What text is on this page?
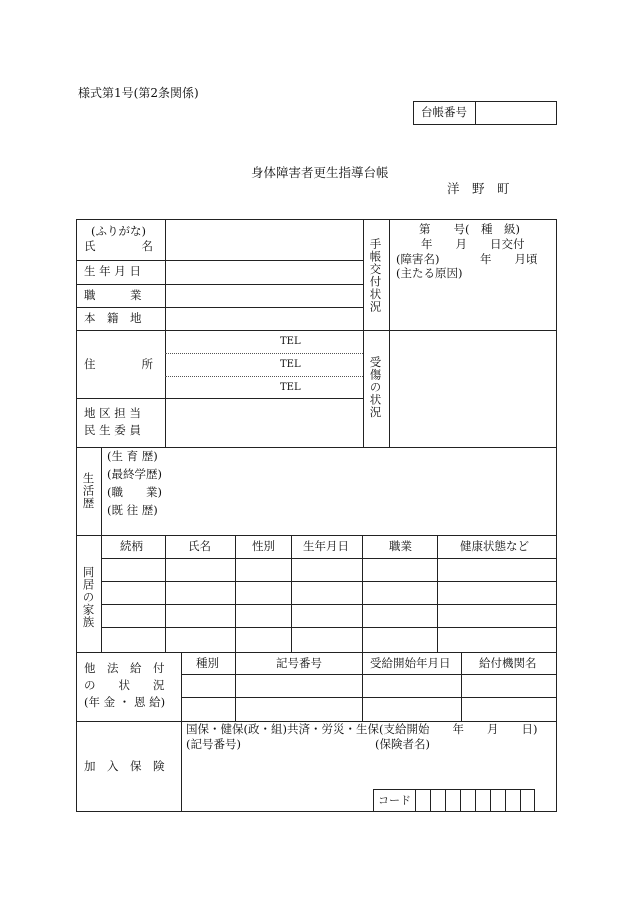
様式第1号(第2条関係)
台帳番号
身体障害者更生指導台帳
洋　野　町
(ふりがな)
氏　　　　名
生 年 月 日
職　　　業
本　籍　地
住　　　　所
TEL
TEL
TEL
地 区 担 当
民 生 委 員
手帳交付状況
第　　号(　種　級)
年　　月　　日交付
(障害名)	年　　月頃
(主たる原因)
受傷の状況
生活歴
(生 育 歴)
(最終学歴)
(職　　業)
(既 往 歴)
同居の家族
続柄	氏名	性別 生年月日	職業	健康状態など
他　法　給　付
の　　状　　況
(年 金 ・ 恩 給)
種別	記号番号	受給開始年月日 給付機関名
加　入　保　険
国保・健保(政・組)共済・労災・生保(支給開始　　年　　月　　日)
(記号番号)	(保険者名)
コード
